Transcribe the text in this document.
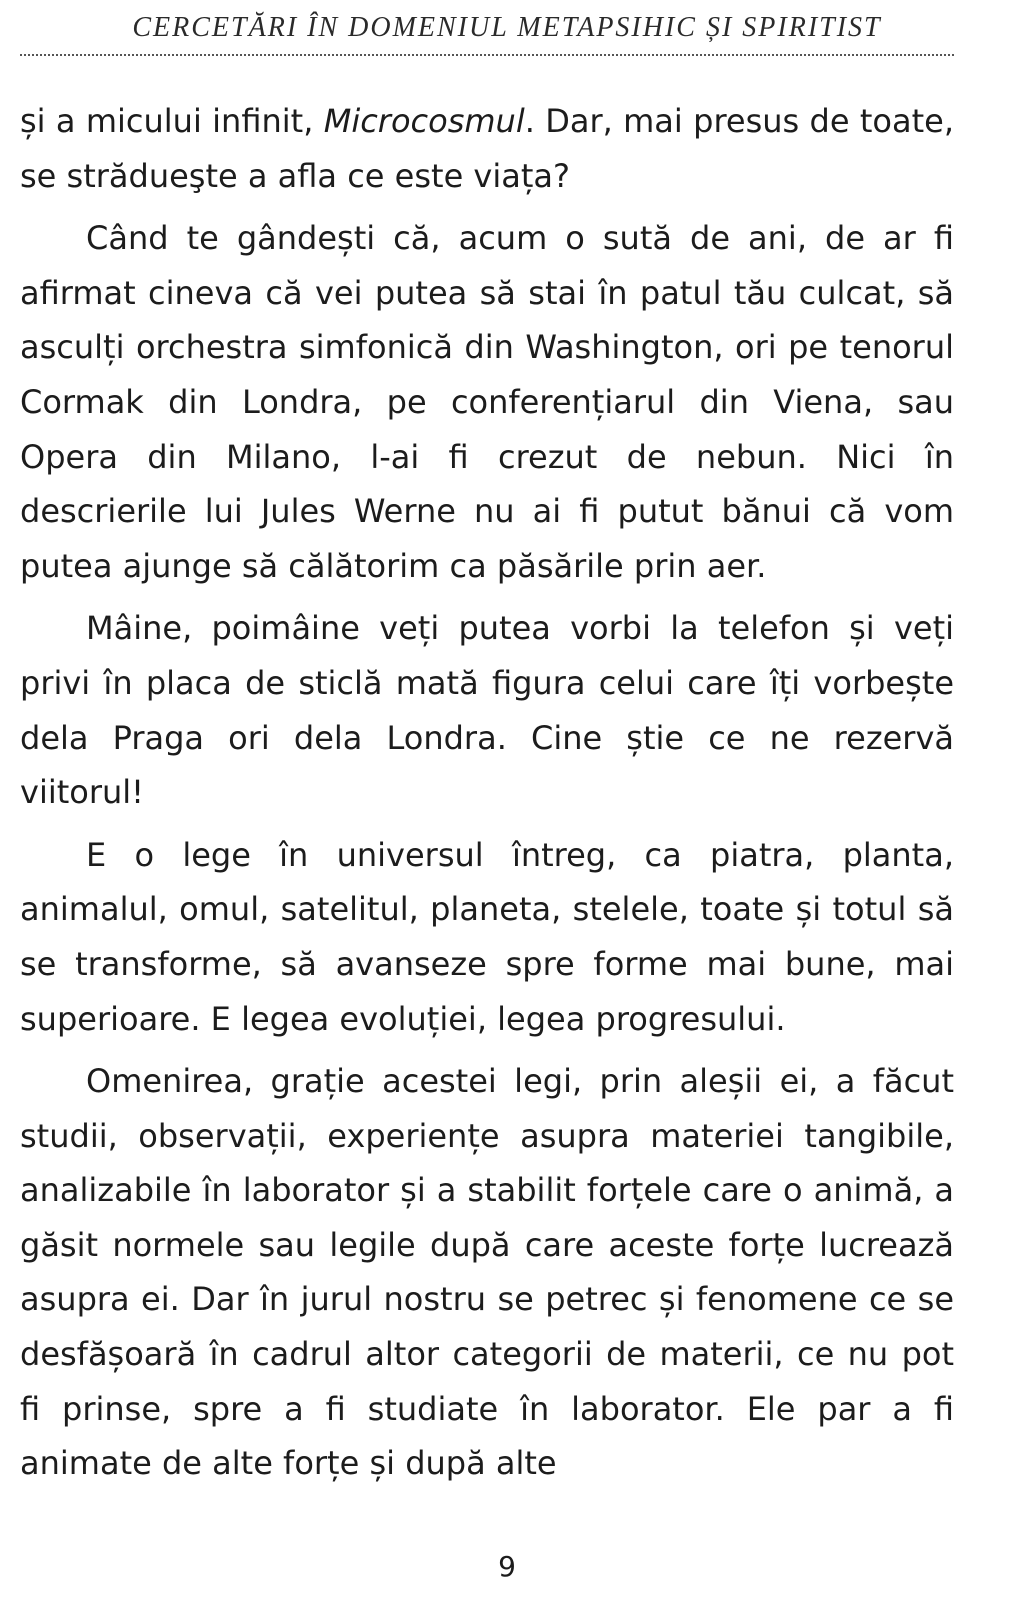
CERCETĂRI ÎN DOMENIUL METAPSIHIC ȘI SPIRITIST

și a micului infinit, Microcosmul. Dar, mai presus de toate, se strădueşte a afla ce este viața?

Când te gândești că, acum o sută de ani, de ar fi afirmat cineva că vei putea să stai în patul tău culcat, să asculți orchestra simfonică din Washington, ori pe tenorul Cormak din Londra, pe conferențiarul din Viena, sau Opera din Milano, l-ai fi crezut de nebun. Nici în descrierile lui Jules Werne nu ai fi putut bănui că vom putea ajunge să călătorim ca păsările prin aer.

Mâine, poimâine veți putea vorbi la telefon și veți privi în placa de sticlă mată figura celui care îți vorbește dela Praga ori dela Londra. Cine știe ce ne rezervă viitorul!

E o lege în universul întreg, ca piatra, planta, animalul, omul, satelitul, planeta, stelele, toate și totul să se transforme, să avanseze spre forme mai bune, mai superioare. E legea evoluției, legea progresului.

Omenirea, grație acestei legi, prin aleșii ei, a făcut studii, observații, experiențe asupra materiei tangibile, analizabile în laborator și a stabilit forțele care o animă, a găsit normele sau legile după care aceste forțe lucrează asupra ei. Dar în jurul nostru se petrec și fenomene ce se desfășoară în cadrul altor categorii de materii, ce nu pot fi prinse, spre a fi studiate în laborator. Ele par a fi animate de alte forțe și după alte

9
